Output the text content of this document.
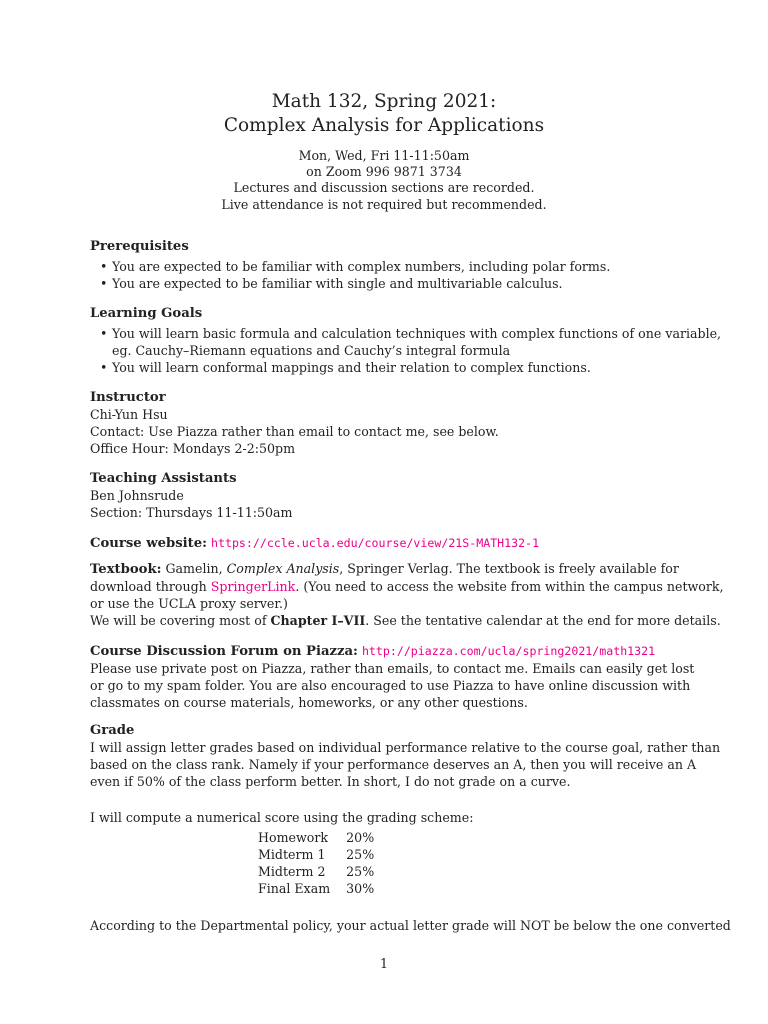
Math 132, Spring 2021:
Complex Analysis for Applications
Mon, Wed, Fri 11-11:50am
on Zoom 996 9871 3734
Lectures and discussion sections are recorded.
Live attendance is not required but recommended.
Prerequisites
• You are expected to be familiar with complex numbers, including polar forms.
• You are expected to be familiar with single and multivariable calculus.
Learning Goals
• You will learn basic formula and calculation techniques with complex functions of one variable,
eg. Cauchy–Riemann equations and Cauchy’s integral formula
• You will learn conformal mappings and their relation to complex functions.
Instructor
Chi-Yun Hsu
Contact: Use Piazza rather than email to contact me, see below.
Office Hour: Mondays 2-2:50pm
Teaching Assistants
Ben Johnsrude
Section: Thursdays 11-11:50am
Course website: https://ccle.ucla.edu/course/view/21S-MATH132-1
Textbook: Gamelin, Complex Analysis, Springer Verlag. The textbook is freely available for
download through SpringerLink. (You need to access the website from within the campus network,
or use the UCLA proxy server.)
We will be covering most of Chapter I–VII. See the tentative calendar at the end for more details.
Course Discussion Forum on Piazza: http://piazza.com/ucla/spring2021/math1321
Please use private post on Piazza, rather than emails, to contact me. Emails can easily get lost
or go to my spam folder. You are also encouraged to use Piazza to have online discussion with
classmates on course materials, homeworks, or any other questions.
Grade
I will assign letter grades based on individual performance relative to the course goal, rather than
based on the class rank. Namely if your performance deserves an A, then you will receive an A
even if 50% of the class perform better. In short, I do not grade on a curve.
I will compute a numerical score using the grading scheme:
Homework	20%
Midterm 1	25%
Midterm 2	25%
Final Exam	30%
According to the Departmental policy, your actual letter grade will NOT be below the one converted
1
